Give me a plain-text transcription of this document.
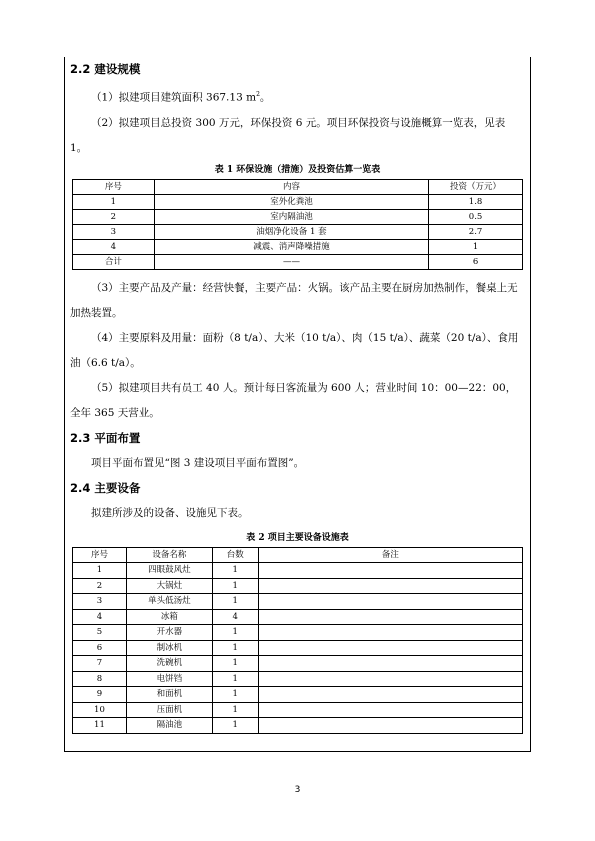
2.2 建设规模

（1）拟建项目建筑面积 367.13 $m^2$。

（2）拟建项目总投资 300 万元，环保投资 6 元。项目环保投资与设施概算一览表，见表 1。

表 1 环保设施（措施）及投资估算一览表
序号	内容	投资（万元）
1	室外化粪池	1.8
2	室内隔油池	0.5
3	油烟净化设备 1 套	2.7
4	减震、消声降噪措施	1
合计	——	6

（3）主要产品及产量：经营快餐，主要产品：火锅。该产品主要在厨房加热制作，餐桌上无加热装置。

（4）主要原料及用量：面粉（8 t/a）、大米（10 t/a）、肉（15 t/a）、蔬菜（20 t/a）、食用油（6.6 t/a）。

（5）拟建项目共有员工 40 人。预计每日客流量为 600 人；营业时间 10：00—22：00，全年 365 天营业。

2.3 平面布置

项目平面布置见“图 3 建设项目平面布置图”。

2.4 主要设备

拟建所涉及的设备、设施见下表。

表 2 项目主要设备设施表
序号	设备名称	台数	备注
1	四眼鼓风灶	1	
2	大锅灶	1	
3	单头低汤灶	1	
4	冰箱	4	
5	开水器	1	
6	制冰机	1	
7	洗碗机	1	
8	电饼铛	1	
9	和面机	1	
10	压面机	1	
11	隔油池	1	
3
